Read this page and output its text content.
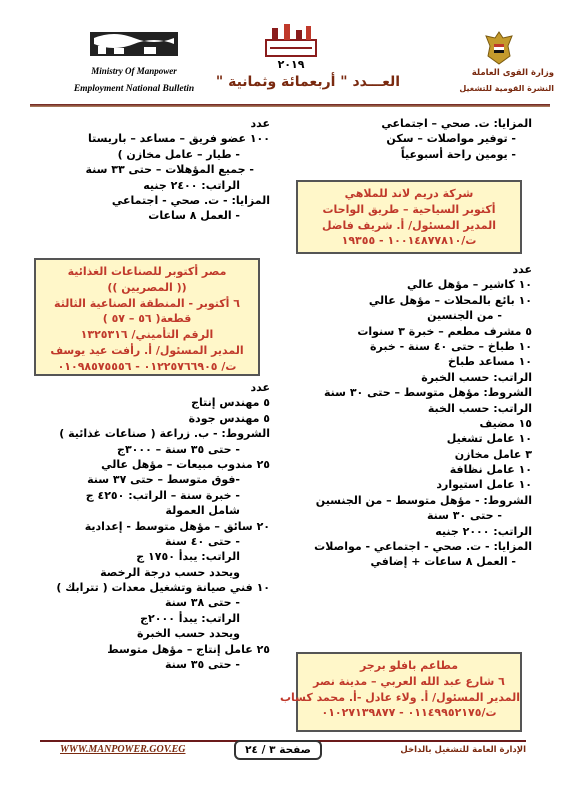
Ministry Of Manpower
Employment National Bulletin
٢٠١٩
العـــدد " أربعمائة وثمانية "
وزارة القوى العاملة
النشرة القومية للتشغيل
المزايا: ت. صحي – اجتماعي
- توفير مواصلات – سكن
- يومين راحة أسبوعياً
شركة دريم لاند للملاهي
أكتوبر السياحية – طريق الواحات
المدير المسئول/ أ. شريف فاضل
ت/١٠٠١٤٨٧٧٨١٠ - ١٩٣٥٥
عدد
١٠ كاشير – مؤهل عالي
١٠ بائع بالمحلات – مؤهل عالي
- من الجنسين
٥ مشرف مطعم – خبرة ٣ سنوات
١٠ طباخ – حتى ٤٠ سنة - خبرة
١٠ مساعد طباخ
الراتب: حسب الخبرة
الشروط: مؤهل متوسط – حتى ٣٠ سنة
الراتب: حسب الخبة
١٥ مضيف
١٠ عامل تشغيل
٣ عامل مخازن
١٠ عامل نظافة
١٠ عامل استيوارد
الشروط: - مؤهل متوسط – من الجنسين
- حتى ٣٠ سنة
الراتب: ٢٠٠٠ جنيه
المزايا: - ت. صحي - اجتماعي - مواصلات
- العمل ٨ ساعات + إضافي
مطاعم بافلو برجر
٦ شارع عبد الله العربي – مدينة نصر
المدير المسئول/ أ. ولاء عادل -أ. محمد كساب
ت/٠١١٤٩٩٥٢١٧٥ - ٠١٠٢٧١٣٩٨٧٧
عدد
١٠٠ عضو فريق – مساعد – باريستا
- طيار – عامل مخازن )
- جميع المؤهلات – حتى ٣٣ سنة
الراتب: ٢٤٠٠ جنيه
المزايا: - ت. صحي - اجتماعي
- العمل ٨ ساعات
مصر أكتوبر للصناعات الغذائية
(( المصريين ))
٦ أكتوبر - المنطقة الصناعية الثالثة
قطعة( ٥٦ – ٥٧ )
الرقم التأميني/ ١٣٢٥٣١٦
المدير المسئول/ أ. رأفت عيد يوسف
ت/ ٠١٢٢٥٧٦٦٩٠٥ - ٠١٠٩٨٥٧٥٥٥٦
عدد
٥ مهندس إنتاج
٥ مهندس جودة
الشروط: - ب. زراعة ( صناعات غذائية )
- حتى ٣٥ سنة – ٣٠٠٠ج
٢٥ مندوب مبيعات – مؤهل عالي
-فوق متوسط – حتى ٣٧ سنة
- خبرة سنة – الراتب: ٤٢٥٠ ج
شامل العمولة
٢٠ سائق – مؤهل متوسط - إعدادية
- حتى ٤٠ سنة
الراتب: يبدأ ١٧٥٠ ج
ويحدد حسب درجة الرخصة
١٠ فني صيانة وتشغيل معدات ( تترابك )
- حتى ٣٨ سنة
الراتب: يبدأ ٢٠٠٠ج
ويحدد حسب الخبرة
٢٥ عامل إنتاج – مؤهل متوسط
- حتى ٣٥ سنة
WWW.MANPOWER.GOV.EG	صفحة ٣ / ٢٤	الإدارة العامة للتشغيل بالداخل
